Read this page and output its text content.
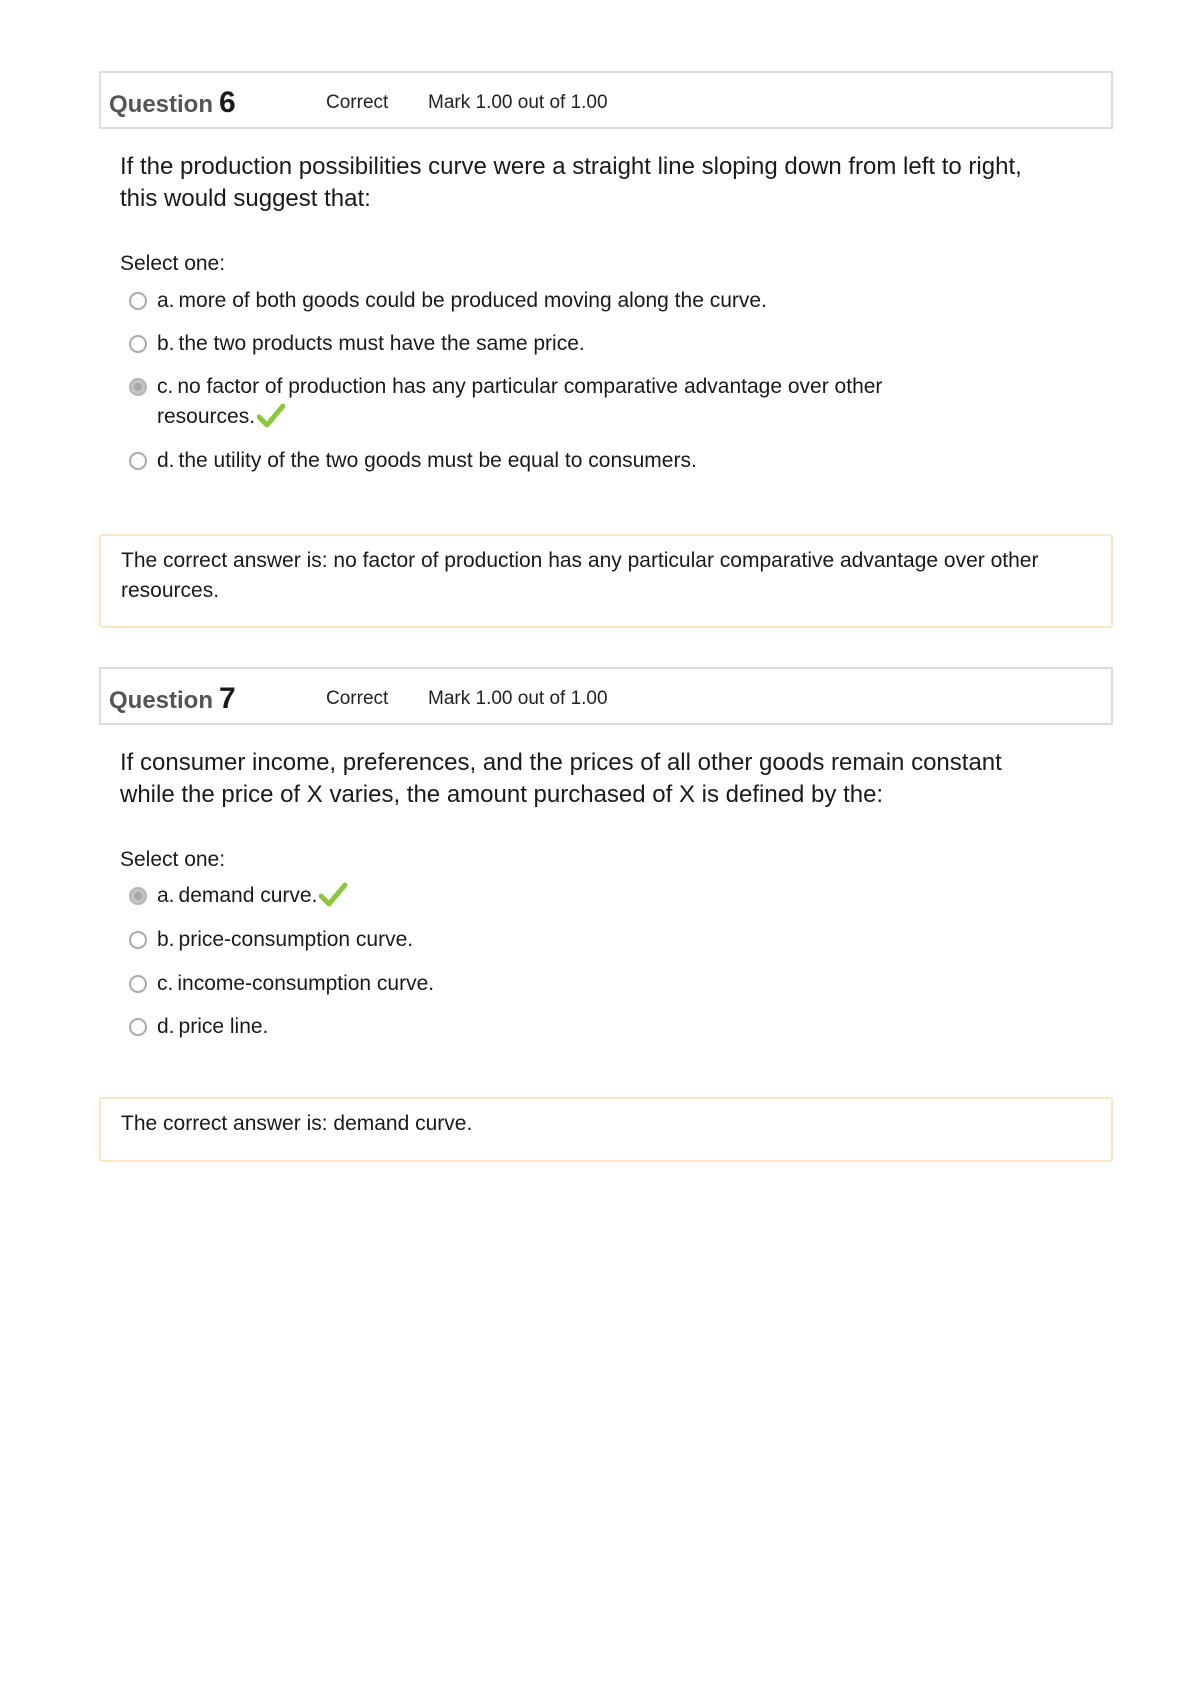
Question 6	Correct Mark 1.00 out of 1.00
If the production possibilities curve were a straight line sloping down from left to right, this would suggest that:
Select one:
a. more of both goods could be produced moving along the curve.
b. the two products must have the same price.
c. no factor of production has any particular comparative advantage over other resources.
d. the utility of the two goods must be equal to consumers.
The correct answer is: no factor of production has any particular comparative advantage over other resources.
Question 7	Correct Mark 1.00 out of 1.00
If consumer income, preferences, and the prices of all other goods remain constant while the price of X varies, the amount purchased of X is defined by the:
Select one:
a. demand curve.
b. price-consumption curve.
c. income-consumption curve.
d. price line.
The correct answer is: demand curve.
